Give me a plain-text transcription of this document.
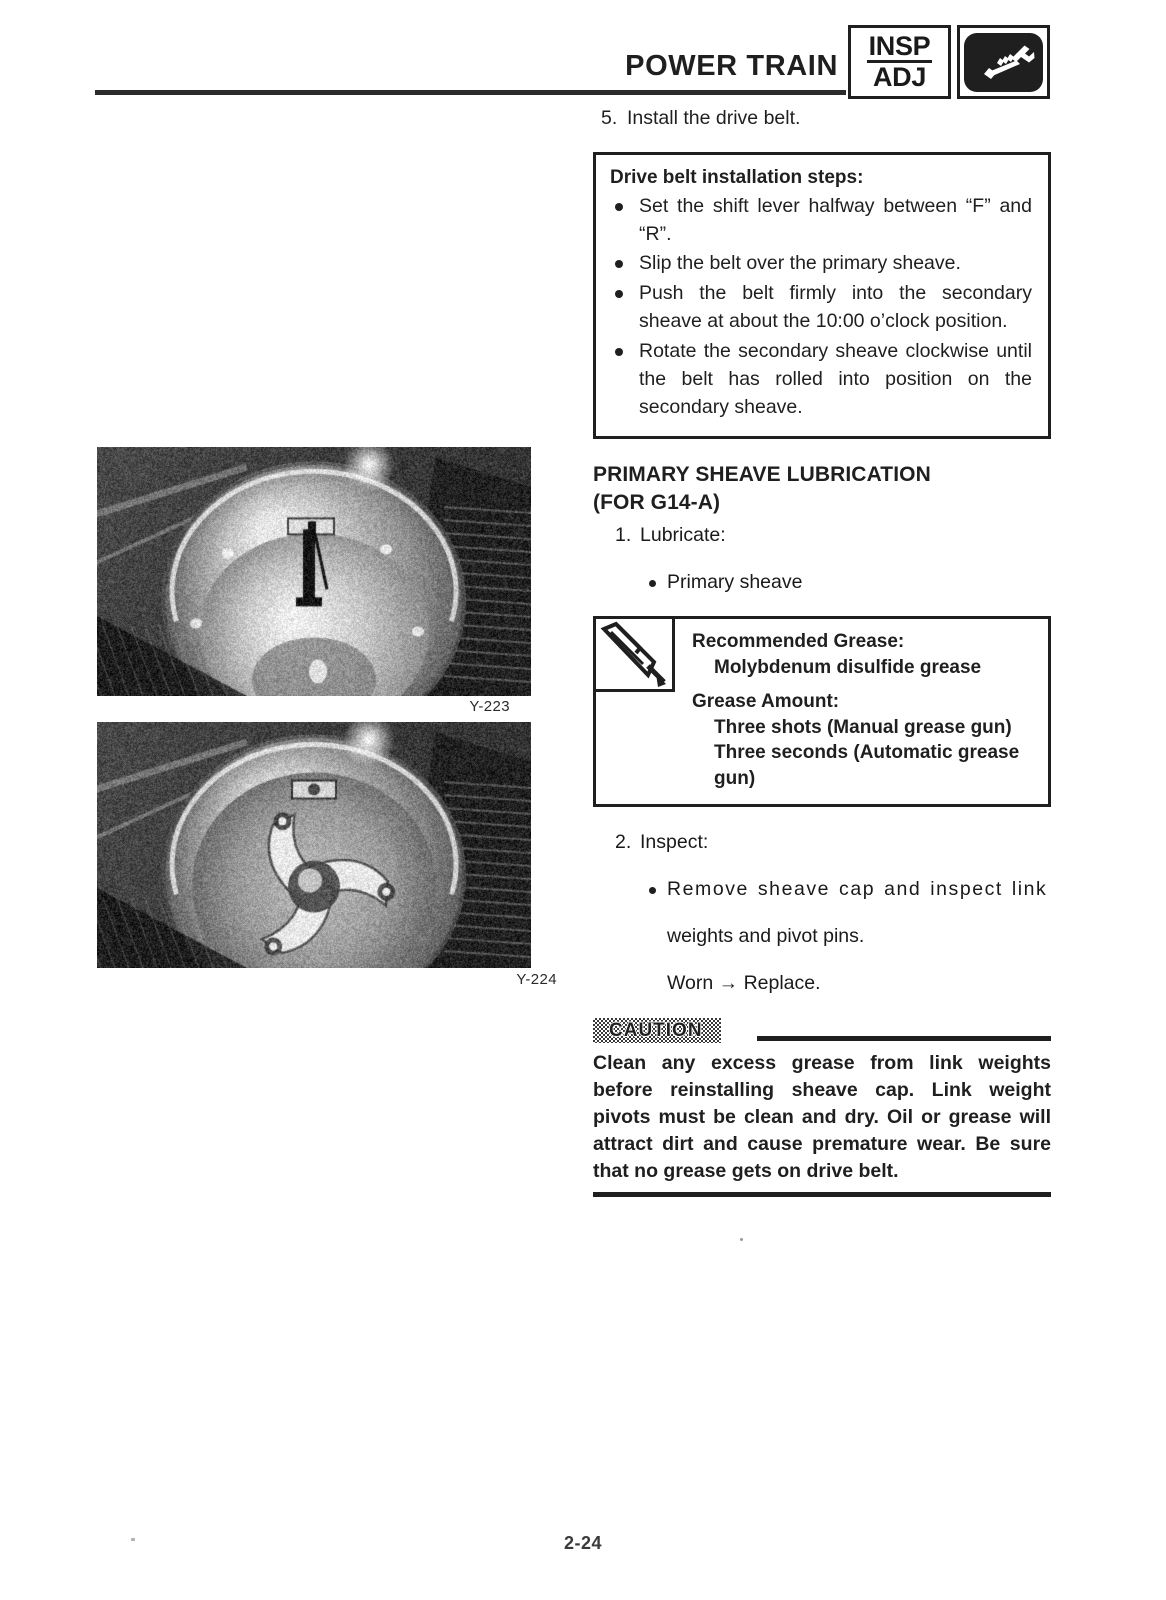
POWER TRAIN
INSP
ADJ
Y-223
Y-224

5. Install the drive belt.

Drive belt installation steps:
Set the shift lever halfway between “F” and “R”.
Slip the belt over the primary sheave.
Push the belt firmly into the secondary sheave at about the 10:00 o’clock position.
Rotate the secondary sheave clockwise until the belt has rolled into position on the secondary sheave.
PRIMARY SHEAVE LUBRICATION
(FOR G14-A)

1. Lubricate:

Primary sheave

Recommended Grease:
Molybdenum disulfide grease
Grease Amount:
Three shots (Manual grease gun)
Three seconds (Automatic grease gun)

2. Inspect:

Remove sheave cap and inspect link

weights and pivot pins.

Worn → Replace.

CAUTION
Clean any excess grease from link weights before reinstalling sheave cap. Link weight pivots must be clean and dry. Oil or grease will attract dirt and cause premature wear. Be sure that no grease gets on drive belt.
2-24
